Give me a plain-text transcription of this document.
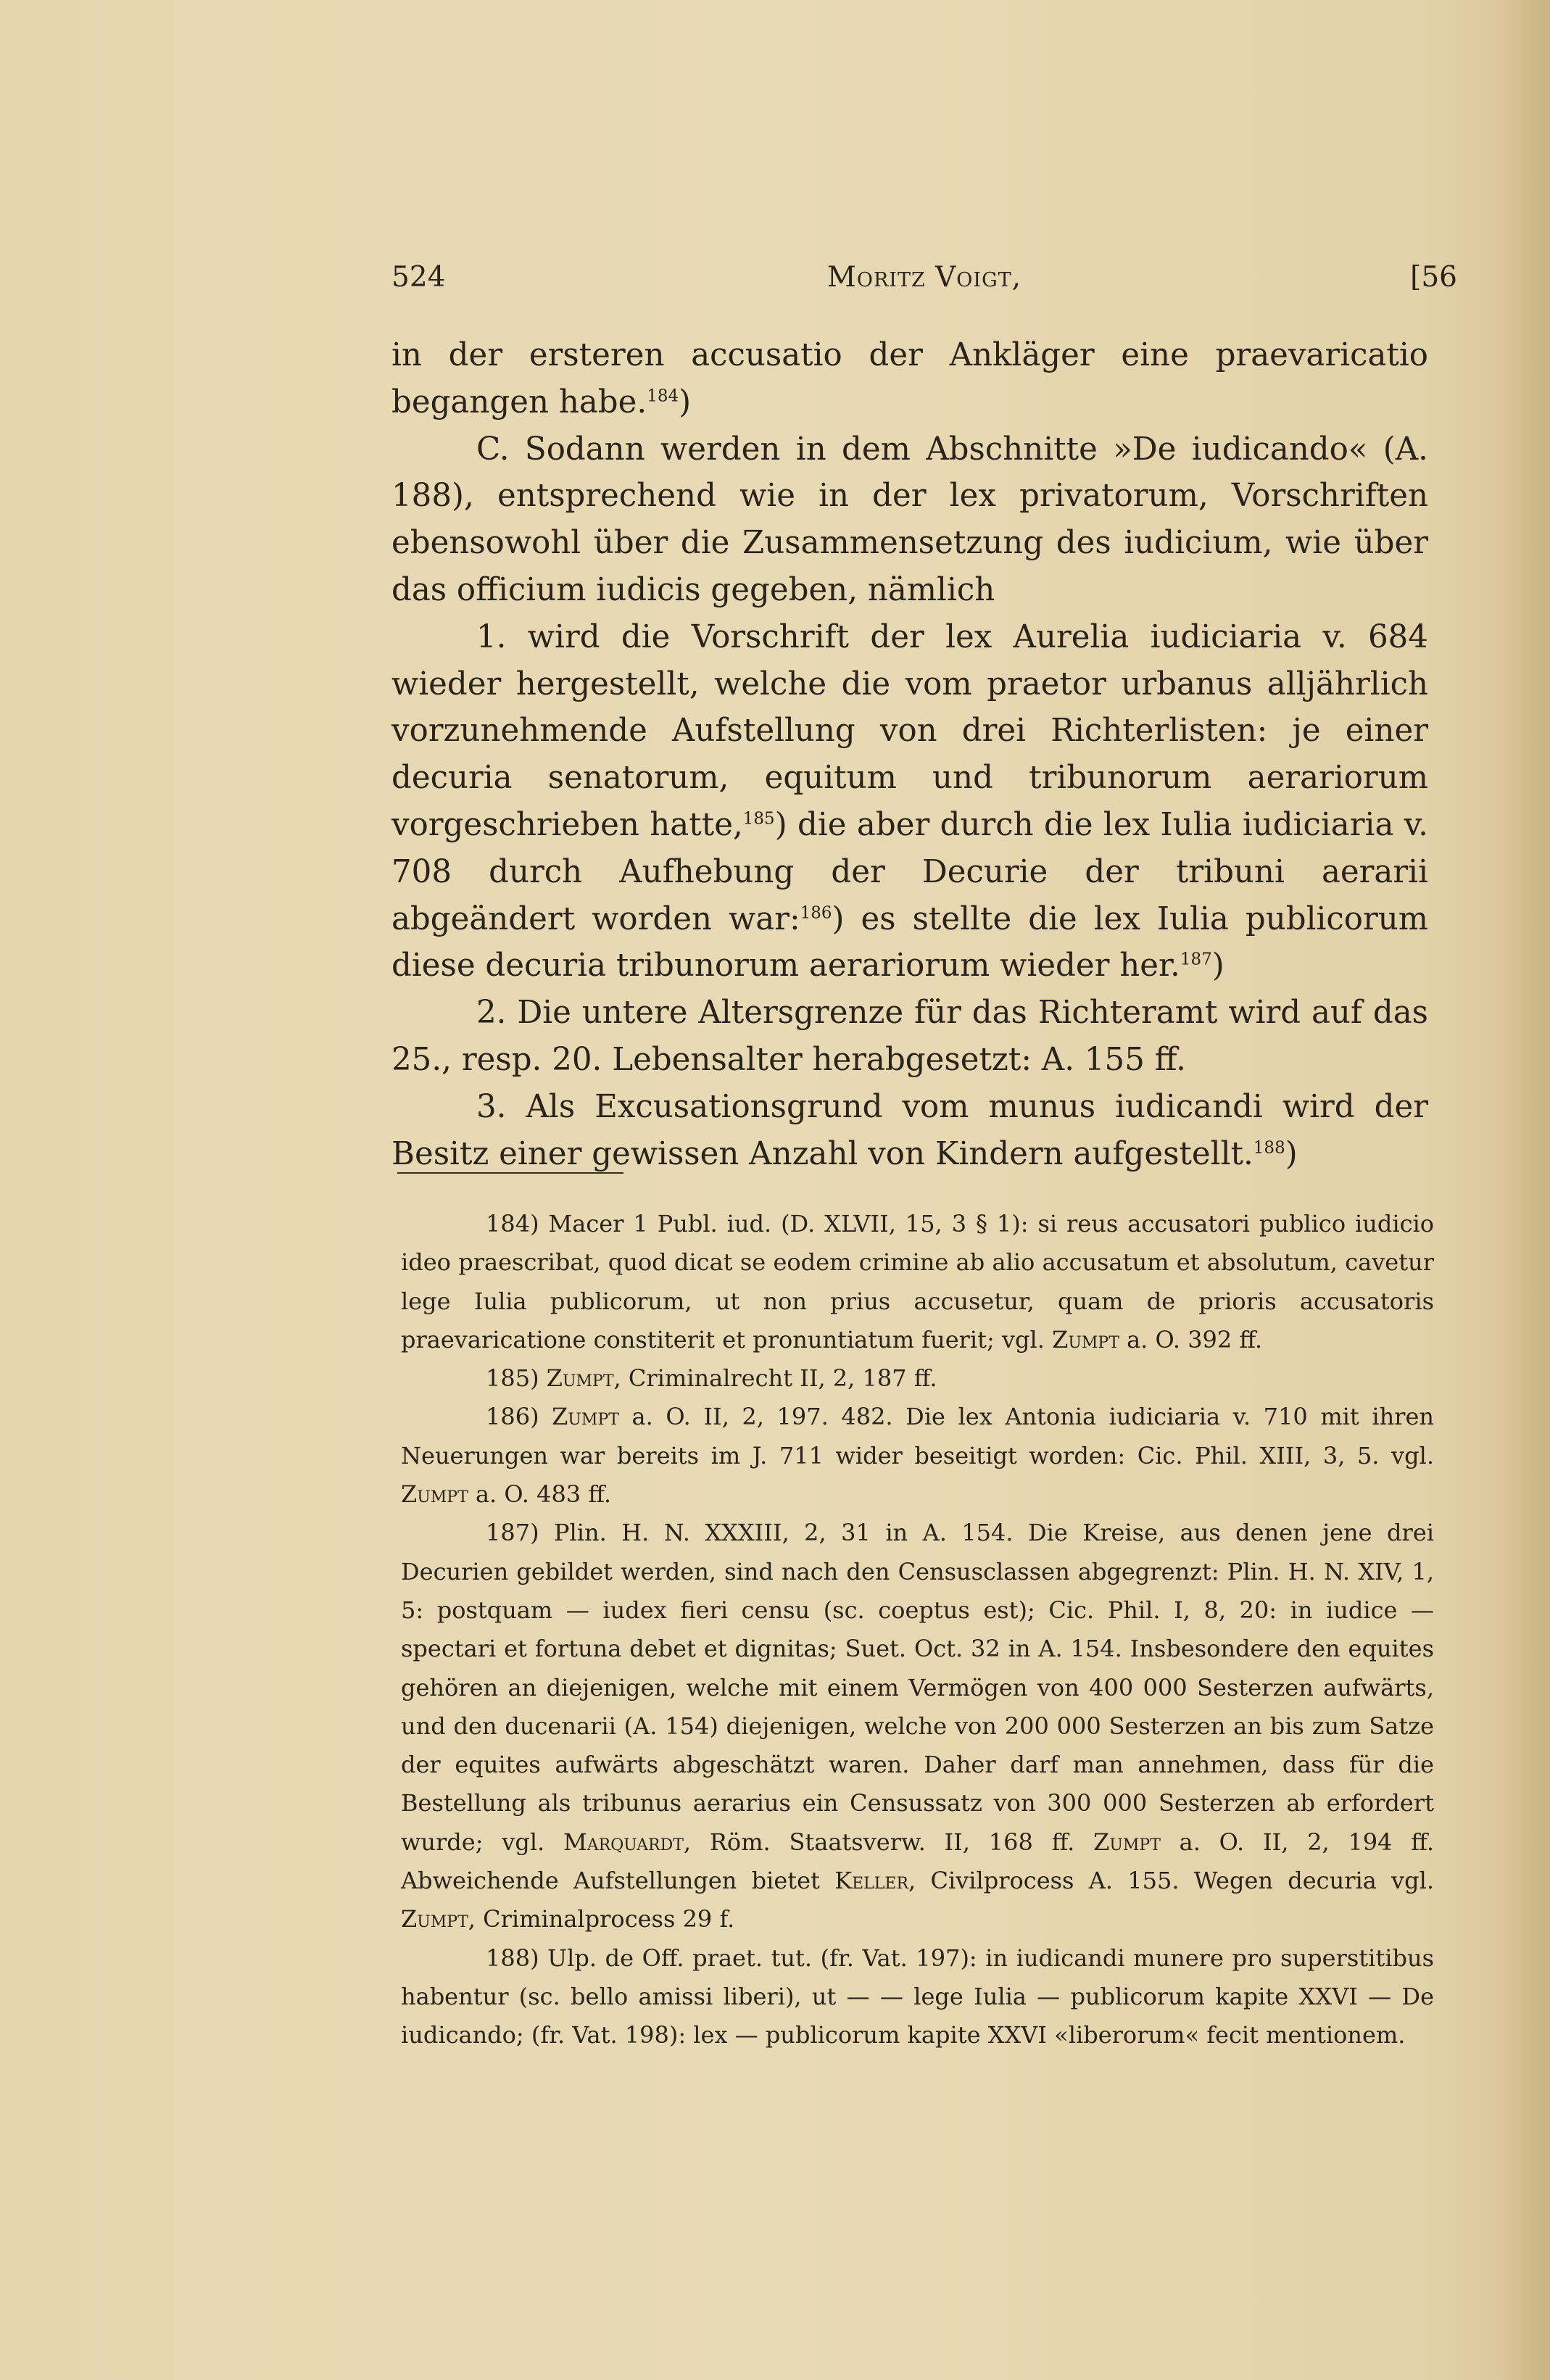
524	Moritz Voigt,	[56

in der ersteren accusatio der Ankläger eine praevaricatio begangen habe.$^{184}$)

C. Sodann werden in dem Abschnitte »De iudicando« (A. 188), entsprechend wie in der lex privatorum, Vorschriften ebensowohl über die Zusammensetzung des iudicium, wie über das officium iudicis gegeben, nämlich

1. wird die Vorschrift der lex Aurelia iudiciaria v. 684 wieder hergestellt, welche die vom praetor urbanus alljährlich vorzunehmende Aufstellung von drei Richterlisten: je einer decuria senatorum, equitum und tribunorum aerariorum vorgeschrieben hatte,$^{185}$) die aber durch die lex Iulia iudiciaria v. 708 durch Aufhebung der Decurie der tribuni aerarii abgeändert worden war:$^{186}$) es stellte die lex Iulia publicorum diese decuria tribunorum aerariorum wieder her.$^{187}$)

2. Die untere Altersgrenze für das Richteramt wird auf das 25., resp. 20. Lebensalter herabgesetzt: A. 155 ff.

3. Als Excusationsgrund vom munus iudicandi wird der Besitz einer gewissen Anzahl von Kindern aufgestellt.$^{188}$)

184) Macer 1 Publ. iud. (D. XLVII, 15, 3 § 1): si reus accusatori publico iudicio ideo praescribat, quod dicat se eodem crimine ab alio accusatum et absolutum, cavetur lege Iulia publicorum, ut non prius accusetur, quam de prioris accusatoris praevaricatione constiterit et pronuntiatum fuerit; vgl. Zumpt a. O. 392 ff.

185) Zumpt, Criminalrecht II, 2, 187 ff.

186) Zumpt a. O. II, 2, 197. 482. Die lex Antonia iudiciaria v. 710 mit ihren Neuerungen war bereits im J. 711 wider beseitigt worden: Cic. Phil. XIII, 3, 5. vgl. Zumpt a. O. 483 ff.

187) Plin. H. N. XXXIII, 2, 31 in A. 154. Die Kreise, aus denen jene drei Decurien gebildet werden, sind nach den Censusclassen abgegrenzt: Plin. H. N. XIV, 1, 5: postquam — iudex fieri censu (sc. coeptus est); Cic. Phil. I, 8, 20: in iudice — spectari et fortuna debet et dignitas; Suet. Oct. 32 in A. 154. Insbesondere den equites gehören an diejenigen, welche mit einem Vermögen von 400 000 Sesterzen aufwärts, und den ducenarii (A. 154) diejenigen, welche von 200 000 Sesterzen an bis zum Satze der equites aufwärts abgeschätzt waren. Daher darf man annehmen, dass für die Bestellung als tribunus aerarius ein Censussatz von 300 000 Sesterzen ab erfordert wurde; vgl. Marquardt, Röm. Staatsverw. II, 168 ff. Zumpt a. O. II, 2, 194 ff. Abweichende Aufstellungen bietet Keller, Civilprocess A. 155. Wegen decuria vgl. Zumpt, Criminalprocess 29 f.

188) Ulp. de Off. praet. tut. (fr. Vat. 197): in iudicandi munere pro superstitibus habentur (sc. bello amissi liberi), ut — — lege Iulia — publicorum kapite XXVI — De iudicando; (fr. Vat. 198): lex — publicorum kapite XXVI «liberorum« fecit mentionem.
